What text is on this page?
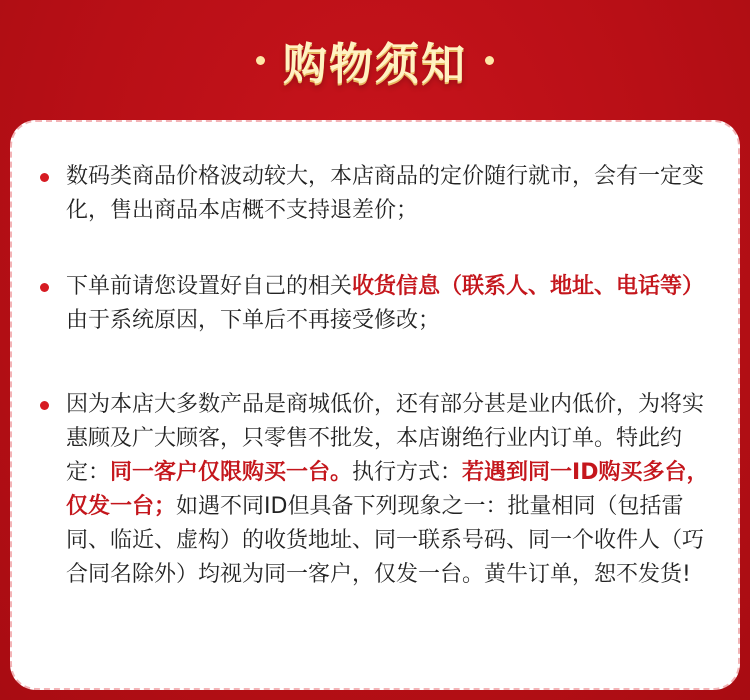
购物须知
数码类商品价格波动较大，本店商品的定价随行就市，会有一定变化，售出商品本店概不支持退差价；
下单前请您设置好自己的相关收货信息（联系人、地址、电话等）由于系统原因，下单后不再接受修改；
因为本店大多数产品是商城低价，还有部分甚是业内低价，为将实惠顾及广大顾客，只零售不批发，本店谢绝行业内订单。特此约定：同一客户仅限购买一台。执行方式：若遇到同一ID购买多台，仅发一台；如遇不同ID但具备下列现象之一：批量相同（包括雷同、临近、虚构）的收货地址、同一联系号码、同一个收件人（巧合同名除外）均视为同一客户，仅发一台。黄牛订单，恕不发货!
